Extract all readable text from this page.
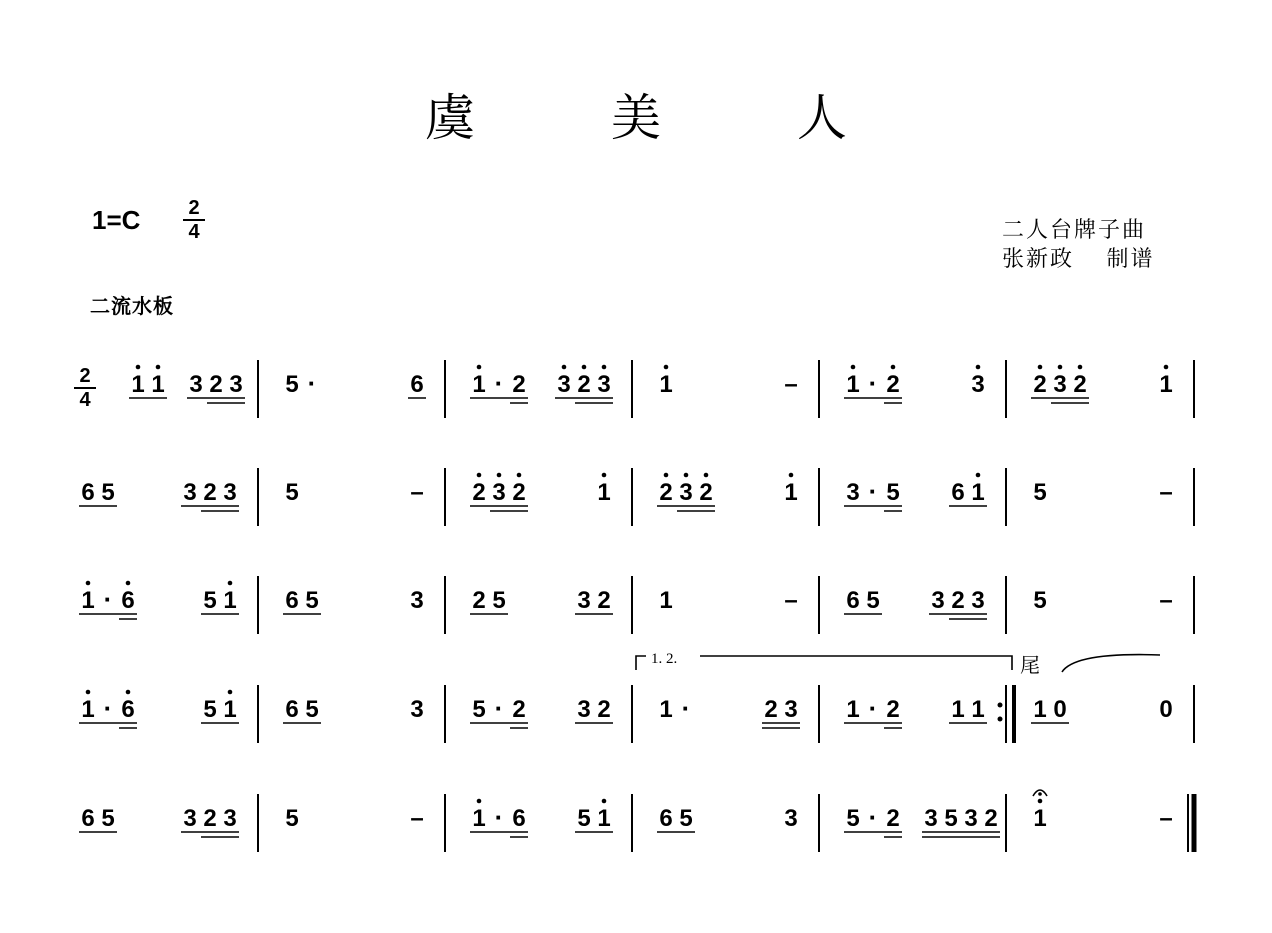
虞 美 人
1=C 2
4	二人台牌子曲
张新政    制谱
二流水板
2
4
1 1 3 2 3 5 ·	6 1 · 2 3 2 3 1	– 1 · 2	3 2 3 2	1
6 5	3 2 3 5	– 2 3 2	1 2 3 2	1 3 · 5 6 1 5	–
1 · 6	5 1 6 5	3 2 5	3 2 1	– 6 5 3 2 3 5	–
1 · 6	5 1 6 5	3 5 · 2 3 2 1 ·	2 3 1 · 2 1 1 1 0	0
6 5	3 2 3 5	– 1 · 6 5 1 6 5	3 5 · 2 3 5 3 2 1	–
1. 2.	尾
